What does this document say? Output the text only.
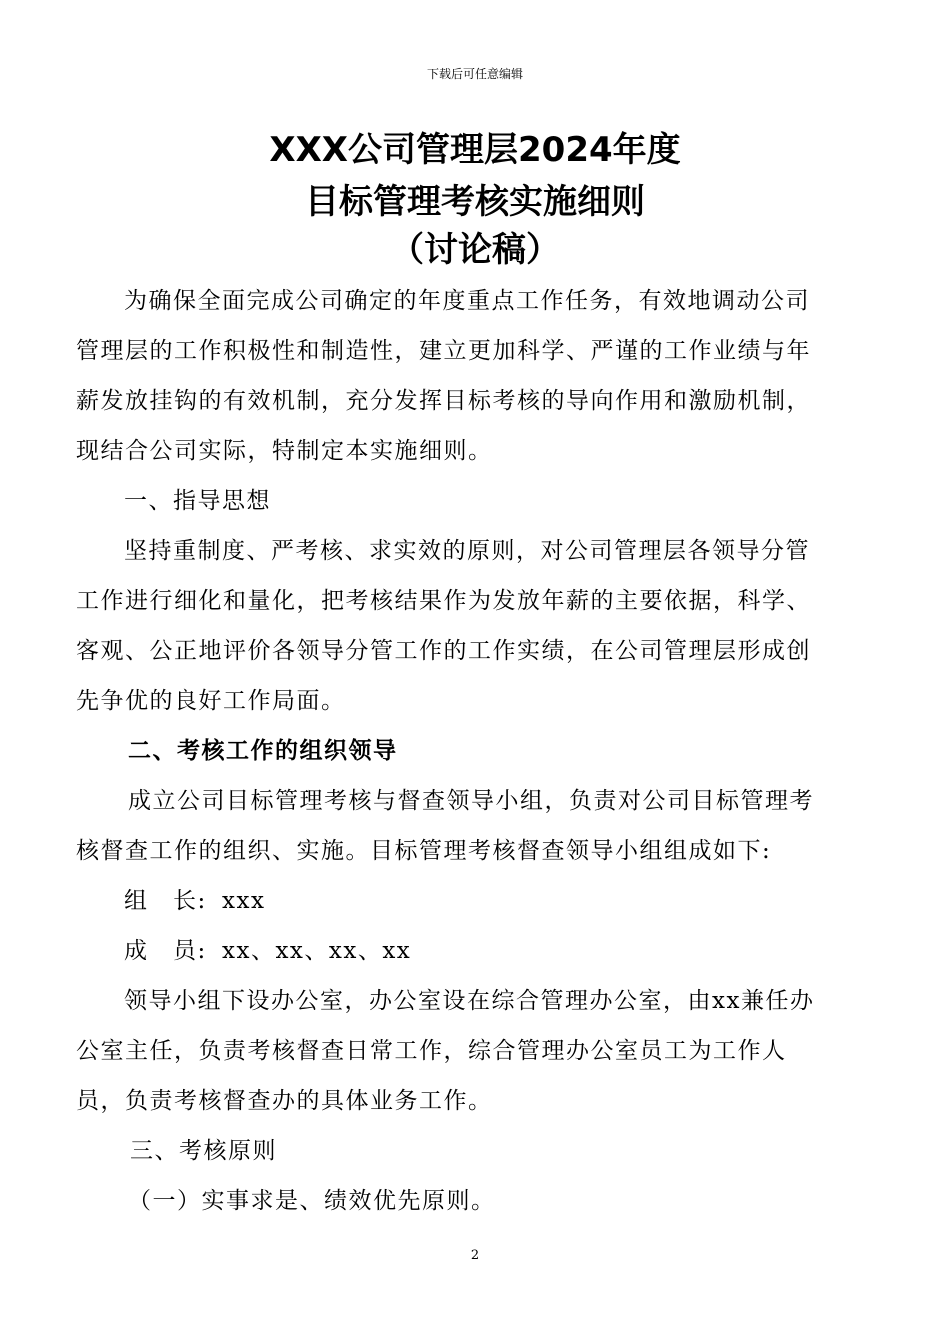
下载后可任意编辑
XXX公司管理层2024年度
目标管理考核实施细则
（讨论稿）

为确保全面完成公司确定的年度重点工作任务，有效地调动公司管理层的工作积极性和制造性，建立更加科学、严谨的工作业绩与年薪发放挂钩的有效机制，充分发挥目标考核的导向作用和激励机制，现结合公司实际，特制定本实施细则。

一、指导思想

坚持重制度、严考核、求实效的原则，对公司管理层各领导分管工作进行细化和量化，把考核结果作为发放年薪的主要依据，科学、客观、公正地评价各领导分管工作的工作实绩，在公司管理层形成创先争优的良好工作局面。

二、考核工作的组织领导

成立公司目标管理考核与督查领导小组，负责对公司目标管理考核督查工作的组织、实施。目标管理考核督查领导小组组成如下:

组　长: xxx

成　员: xx、xx、xx、xx

领导小组下设办公室，办公室设在综合管理办公室，由xx兼任办公室主任，负责考核督查日常工作，综合管理办公室员工为工作人员，负责考核督查办的具体业务工作。

三、考核原则

（一）实事求是、绩效优先原则。

2
